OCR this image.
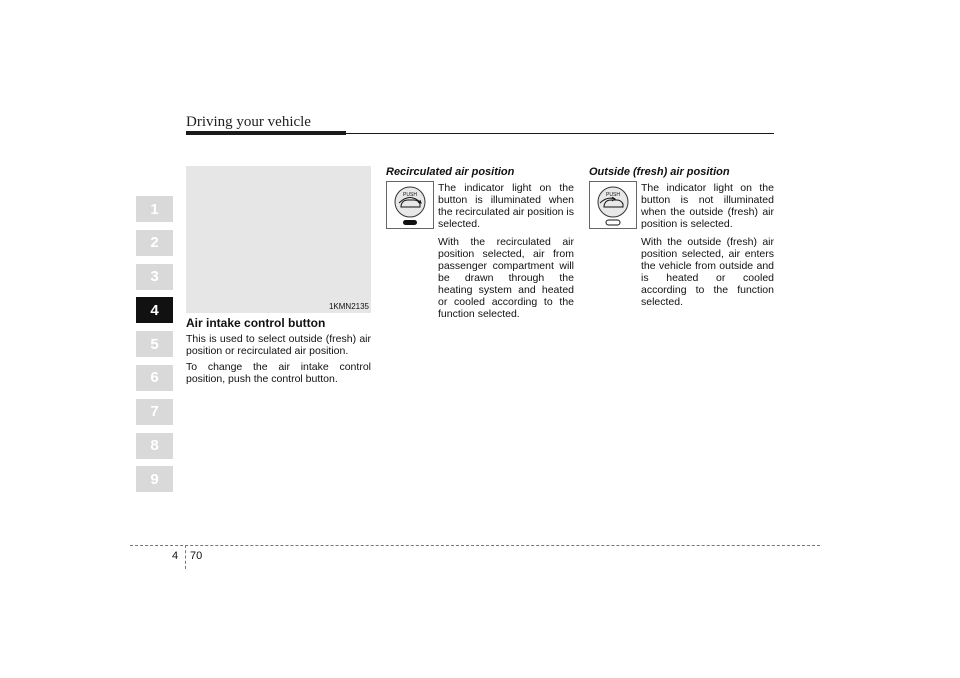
Driving your vehicle
1
2
3
4
5
6
7
8
9
1KMN2135
Air intake control button

This is used to select outside (fresh) air position or recirculated air position.

To change the air intake control position, push the control button.

Recirculated air position
PUSH

The indicator light on the button is illuminated when the recirculated air position is selected.

With the recirculated air position selected, air from passenger compartment will be drawn through the heating system and heated or cooled according to the function selected.

Outside (fresh) air position
PUSH

The indicator light on the button is not illuminated when the outside (fresh) air position is selected.

With the outside (fresh) air position selected, air enters the vehicle from outside and is heated or cooled according to the function selected.

4 70
